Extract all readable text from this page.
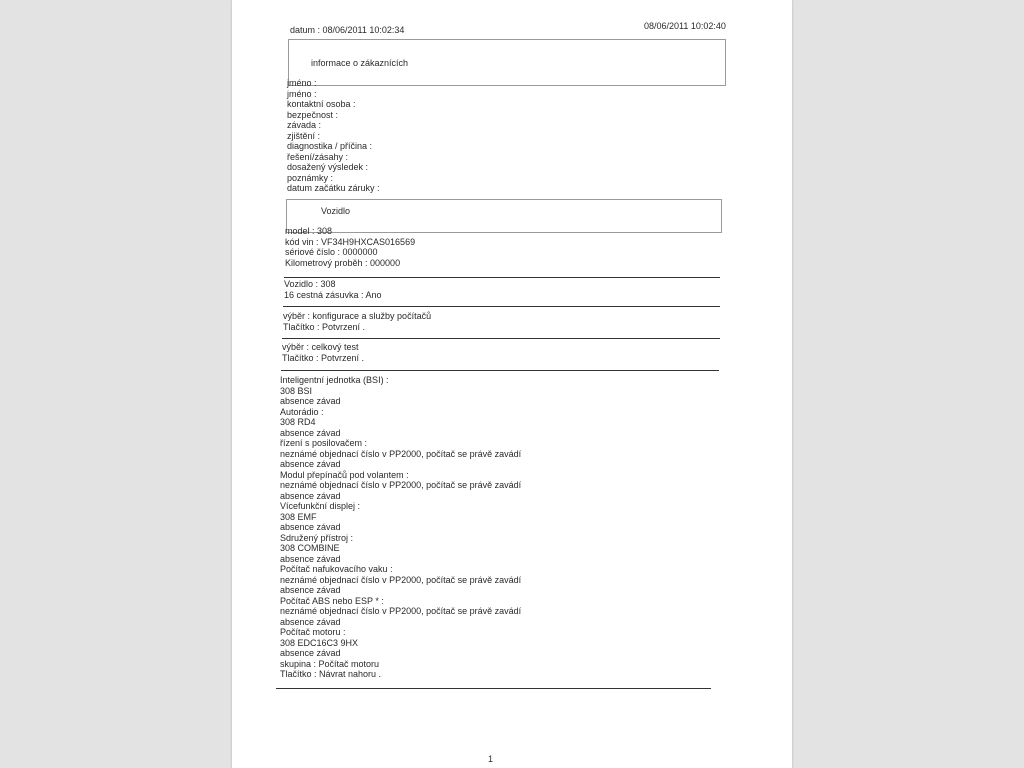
datum : 08/06/2011 10:02:34	08/06/2011 10:02:40
informace o zákaznících
jméno :
jméno :
kontaktní osoba :
bezpečnost :
závada :
zjištění :
diagnostika / příčina :
řešení/zásahy :
dosažený výsledek :
poznámky :
datum začátku záruky :
Vozidlo
model : 308
kód vin : VF34H9HXCAS016569
sériové číslo : 0000000
Kilometrový proběh : 000000
Vozidlo : 308
16 cestná zásuvka : Ano
výběr : konfigurace a služby počítačů
Tlačítko : Potvrzení .
výběr : celkový test
Tlačítko : Potvrzení .
Inteligentní jednotka (BSI) :
308 BSI
absence závad
Autorádio :
308 RD4
absence závad
řízení s posilovačem :
neznámé objednací číslo v PP2000, počítač se právě zavádí
absence závad
Modul přepínačů pod volantem :
neznámé objednací číslo v PP2000, počítač se právě zavádí
absence závad
Vícefunkční displej :
308 EMF
absence závad
Sdružený přístroj :
308 COMBINE
absence závad
Počítač nafukovacího vaku :
neznámé objednací číslo v PP2000, počítač se právě zavádí
absence závad
Počítač ABS nebo ESP * :
neznámé objednací číslo v PP2000, počítač se právě zavádí
absence závad
Počítač motoru :
308 EDC16C3 9HX
absence závad
skupina : Počítač motoru
Tlačítko : Návrat nahoru .
1
